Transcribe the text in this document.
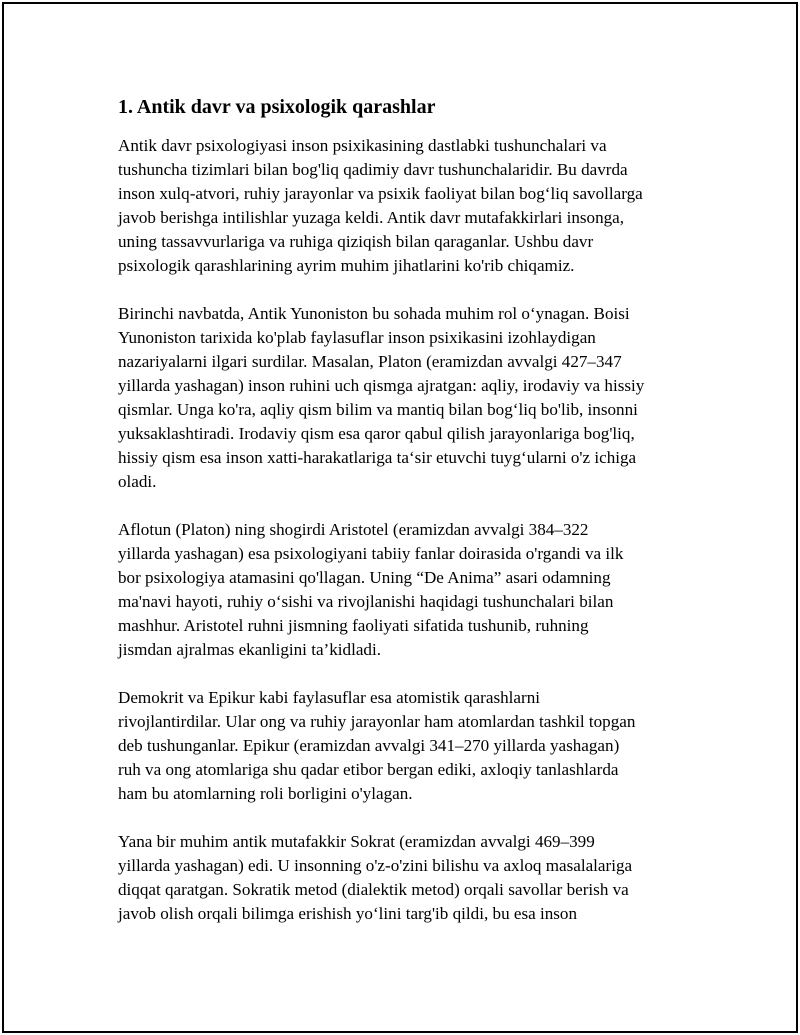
1. Antik davr va psixologik qarashlar
Antik davr psixologiyasi inson psixikasining dastlabki tushunchalari va
tushuncha tizimlari bilan bog'liq qadimiy davr tushunchalaridir. Bu davrda
inson xulq-atvori, ruhiy jarayonlar va psixik faoliyat bilan bog‘liq savollarga
javob berishga intilishlar yuzaga keldi. Antik davr mutafakkirlari insonga,
uning tassavvurlariga va ruhiga qiziqish bilan qaraganlar. Ushbu davr
psixologik qarashlarining ayrim muhim jihatlarini ko'rib chiqamiz.
Birinchi navbatda, Antik Yunoniston bu sohada muhim rol o‘ynagan. Boisi
Yunoniston tarixida ko'plab faylasuflar inson psixikasini izohlaydigan
nazariyalarni ilgari surdilar. Masalan, Platon (eramizdan avvalgi 427–347
yillarda yashagan) inson ruhini uch qismga ajratgan: aqliy, irodaviy va hissiy
qismlar. Unga ko'ra, aqliy qism bilim va mantiq bilan bog‘liq bo'lib, insonni
yuksaklashtiradi. Irodaviy qism esa qaror qabul qilish jarayonlariga bog'liq,
hissiy qism esa inson xatti-harakatlariga ta‘sir etuvchi tuyg‘ularni o'z ichiga
oladi.
Aflotun (Platon) ning shogirdi Aristotel (eramizdan avvalgi 384–322
yillarda yashagan) esa psixologiyani tabiiy fanlar doirasida o'rgandi va ilk
bor psixologiya atamasini qo'llagan. Uning “De Anima” asari odamning
ma'navi hayoti, ruhiy o‘sishi va rivojlanishi haqidagi tushunchalari bilan
mashhur. Aristotel ruhni jismning faoliyati sifatida tushunib, ruhning
jismdan ajralmas ekanligini ta’kidladi.
Demokrit va Epikur kabi faylasuflar esa atomistik qarashlarni
rivojlantirdilar. Ular ong va ruhiy jarayonlar ham atomlardan tashkil topgan
deb tushunganlar. Epikur (eramizdan avvalgi 341–270 yillarda yashagan)
ruh va ong atomlariga shu qadar etibor bergan ediki, axloqiy tanlashlarda
ham bu atomlarning roli borligini o'ylagan.
Yana bir muhim antik mutafakkir Sokrat (eramizdan avvalgi 469–399
yillarda yashagan) edi. U insonning o'z-o'zini bilishu va axloq masalalariga
diqqat qaratgan. Sokratik metod (dialektik metod) orqali savollar berish va
javob olish orqali bilimga erishish yo‘lini targ'ib qildi, bu esa inson
